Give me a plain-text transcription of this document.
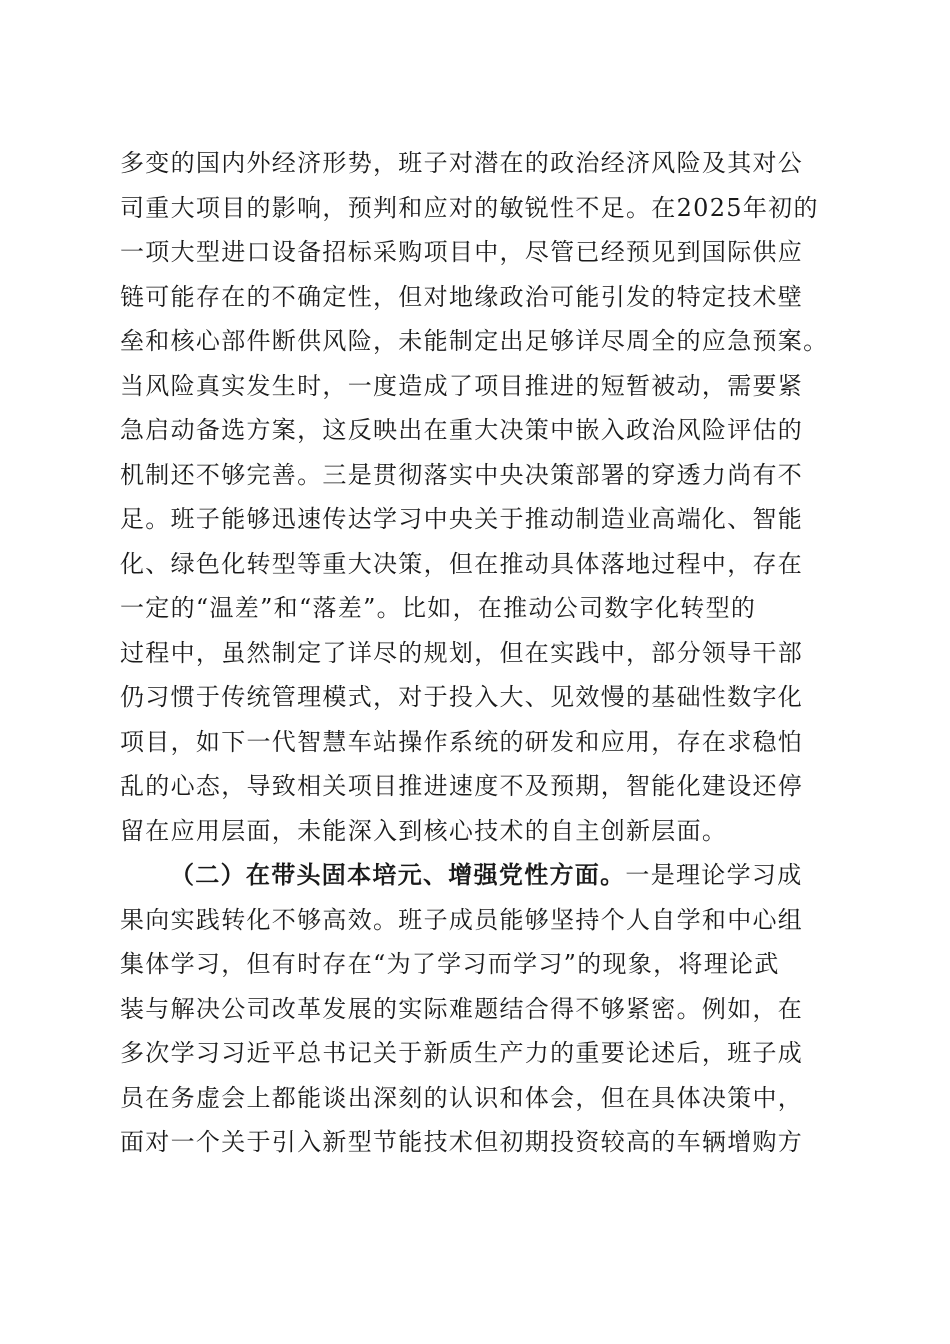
多变的国内外经济形势，班子对潜在的政治经济风险及其对公
司重大项目的影响，预判和应对的敏锐性不足。在2025年初的
一项大型进口设备招标采购项目中，尽管已经预见到国际供应
链可能存在的不确定性，但对地缘政治可能引发的特定技术壁
垒和核心部件断供风险，未能制定出足够详尽周全的应急预案。
当风险真实发生时，一度造成了项目推进的短暂被动，需要紧
急启动备选方案，这反映出在重大决策中嵌入政治风险评估的
机制还不够完善。三是贯彻落实中央决策部署的穿透力尚有不
足。班子能够迅速传达学习中央关于推动制造业高端化、智能
化、绿色化转型等重大决策，但在推动具体落地过程中，存在
一定的“温差”和“落差”。比如，在推动公司数字化转型的
过程中，虽然制定了详尽的规划，但在实践中，部分领导干部
仍习惯于传统管理模式，对于投入大、见效慢的基础性数字化
项目，如下一代智慧车站操作系统的研发和应用，存在求稳怕
乱的心态，导致相关项目推进速度不及预期，智能化建设还停
留在应用层面，未能深入到核心技术的自主创新层面。
（二）在带头固本培元、增强党性方面。一是理论学习成
果向实践转化不够高效。班子成员能够坚持个人自学和中心组
集体学习，但有时存在“为了学习而学习”的现象，将理论武
装与解决公司改革发展的实际难题结合得不够紧密。例如，在
多次学习习近平总书记关于新质生产力的重要论述后，班子成
员在务虚会上都能谈出深刻的认识和体会，但在具体决策中，
面对一个关于引入新型节能技术但初期投资较高的车辆增购方
